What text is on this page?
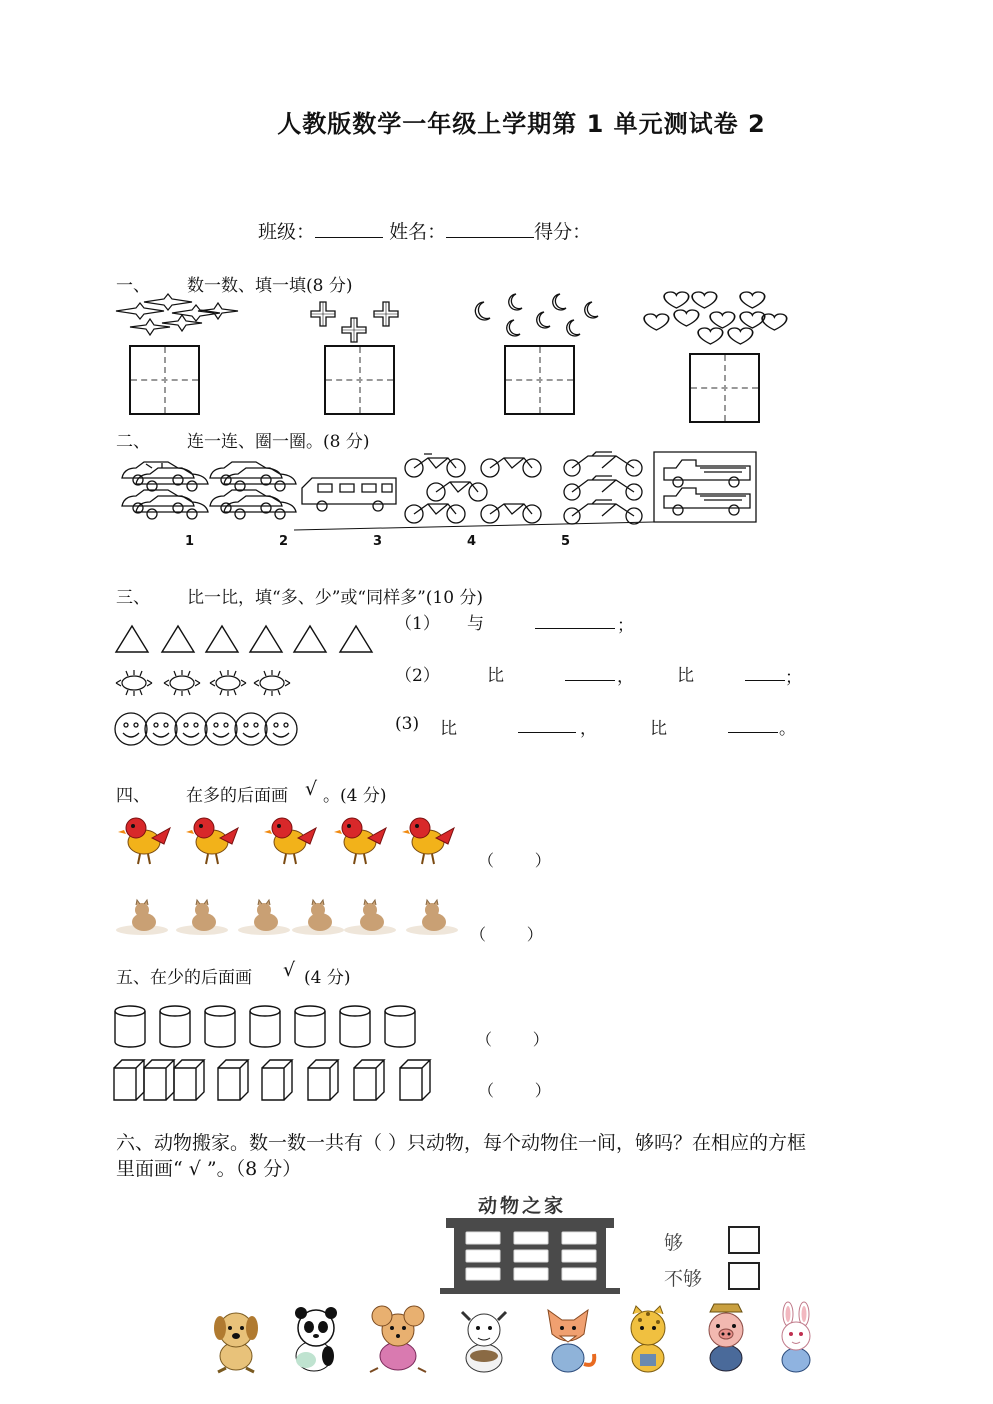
人教版数学一年级上学期第 1 单元测试卷 2
班级：	姓名：	得分：
一、 数一数、填一填(8 分)
二、 连一连、圈一圈。(8 分)
1	2	3	4	5
三、 比一比，填“多、少”或“同样多”(10 分)
（1） 与	；
（2）	比	，	比	；
(3) 比	，	比	。
四、 在多的后面画 √ 。(4 分)
（        ）
（        ）
五、在少的后面画 √ (4 分)
（        ）
（        ）
六、动物搬家。数一数一共有（ ）只动物，每个动物住一间，够吗？在相应的方框
里面画“ √ ”。（8 分）
动物之家
够
不够
